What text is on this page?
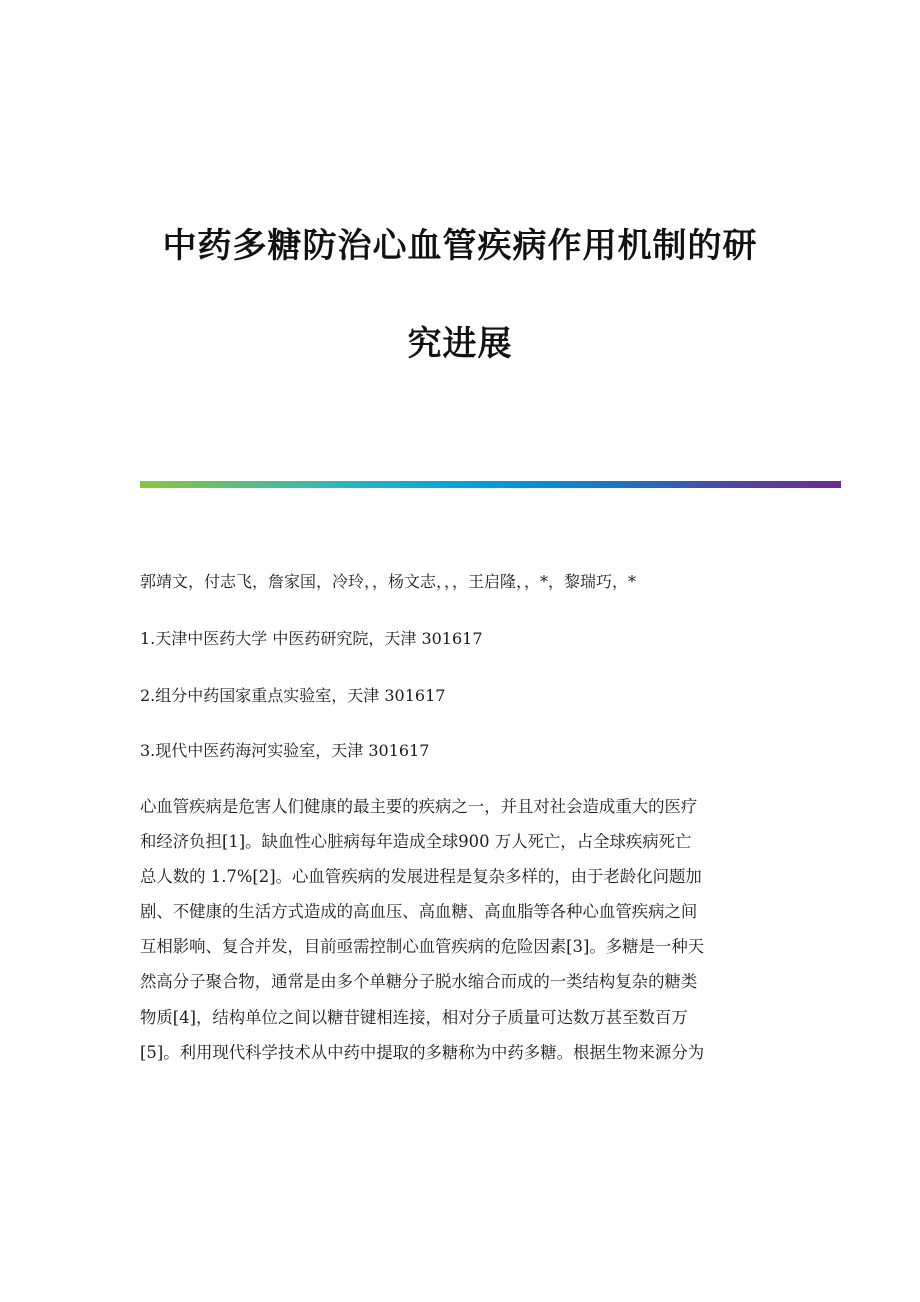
中药多糖防治心血管疾病作用机制的研
究进展
郭靖文，付志飞，詹家国，冷玲，，杨文志，，，王启隆，，*，黎瑞巧，*
1.天津中医药大学 中医药研究院，天津 301617
2.组分中药国家重点实验室，天津 301617
3.现代中医药海河实验室，天津 301617
心血管疾病是危害人们健康的最主要的疾病之一，并且对社会造成重大的医疗
和经济负担[1]。缺血性心脏病每年造成全球900 万人死亡，占全球疾病死亡
总人数的 1.7%[2]。心血管疾病的发展进程是复杂多样的，由于老龄化问题加
剧、不健康的生活方式造成的高血压、高血糖、高血脂等各种心血管疾病之间
互相影响、复合并发，目前亟需控制心血管疾病的危险因素[3]。多糖是一种天
然高分子聚合物，通常是由多个单糖分子脱水缩合而成的一类结构复杂的糖类
物质[4]，结构单位之间以糖苷键相连接，相对分子质量可达数万甚至数百万
[5]。利用现代科学技术从中药中提取的多糖称为中药多糖。根据生物来源分为
